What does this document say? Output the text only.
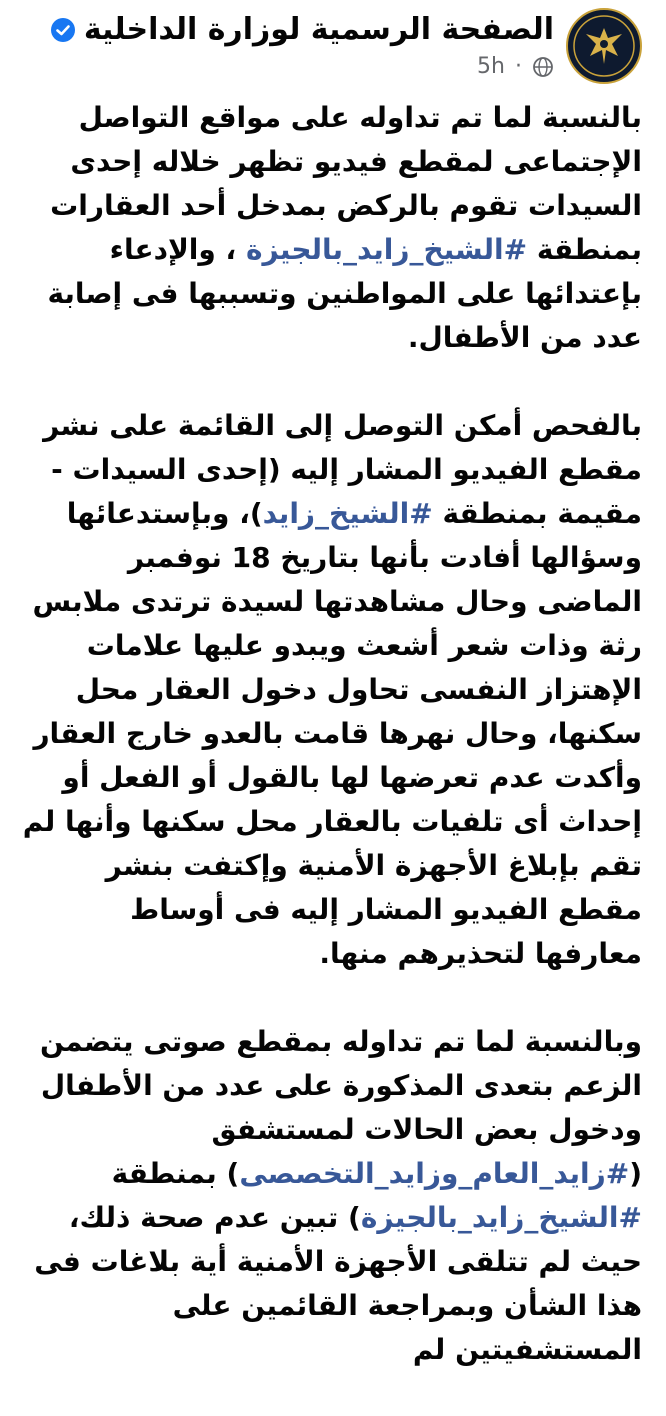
الصفحة الرسمية لوزارة الداخلية
5h ·

بالنسبة لما تم تداوله على مواقع التواصل الإجتماعى لمقطع فيديو تظهر خلاله إحدى السيدات تقوم بالركض بمدخل أحد العقارات بمنطقة #الشيخ_زايد_بالجيزة ، والإدعاء بإعتدائها على المواطنين وتسببها فى إصابة عدد من الأطفال.

بالفحص أمكن التوصل إلى القائمة على نشر مقطع الفيديو المشار إليه (إحدى السيدات - مقيمة بمنطقة #الشيخ_زايد)، وبإستدعائها وسؤالها أفادت بأنها بتاريخ 18 نوفمبر الماضى وحال مشاهدتها لسيدة ترتدى ملابس رثة وذات شعر أشعث ويبدو عليها علامات الإهتزاز النفسى تحاول دخول العقار محل سكنها، وحال نهرها قامت بالعدو خارج العقار وأكدت عدم تعرضها لها بالقول أو الفعل أو إحداث أى تلفيات بالعقار محل سكنها وأنها لم تقم بإبلاغ الأجهزة الأمنية وإكتفت بنشر مقطع الفيديو المشار إليه فى أوساط معارفها لتحذيرهم منها.

وبالنسبة لما تم تداوله بمقطع صوتى يتضمن الزعم بتعدى المذكورة على عدد من الأطفال ودخول بعض الحالات لمستشفق (#زايد_العام_وزايد_التخصصى) بمنطقة #الشيخ_زايد_بالجيزة) تبين عدم صحة ذلك، حيث لم تتلقى الأجهزة الأمنية أية بلاغات فى هذا الشأن وبمراجعة القائمين على المستشفيتين لم
